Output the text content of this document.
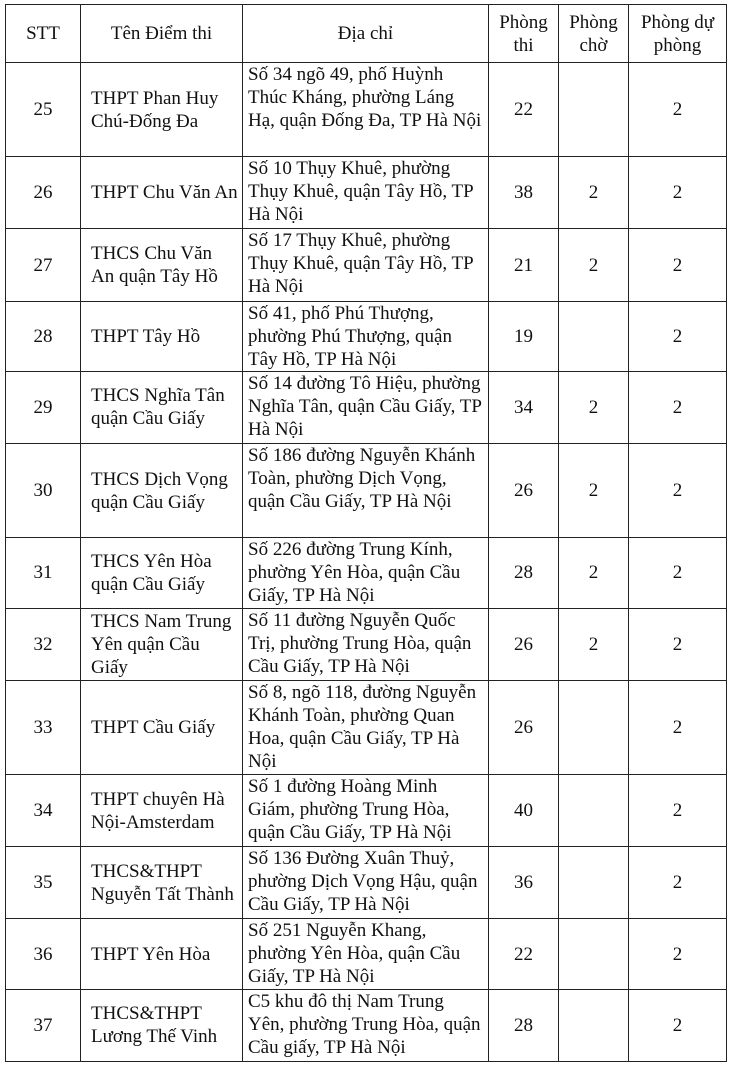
STT	Tên Điểm thi	Địa chỉ	Phòng thi	Phòng chờ	Phòng dự phòng
25	THPT Phan Huy Chú-Đống Đa	Số 34 ngõ 49, phố Huỳnh Thúc Kháng, phường Láng Hạ, quận Đống Đa, TP Hà Nội	22		2
26	THPT Chu Văn An	Số 10 Thụy Khuê, phường Thụy Khuê, quận Tây Hồ, TP Hà Nội	38	2	2
27	THCS Chu Văn An quận Tây Hồ	Số 17 Thụy Khuê, phường Thụy Khuê, quận Tây Hồ, TP Hà Nội	21	2	2
28	THPT Tây Hồ	Số 41, phố Phú Thượng, phường Phú Thượng, quận Tây Hồ, TP Hà Nội	19		2
29	THCS Nghĩa Tân quận Cầu Giấy	Số 14 đường Tô Hiệu, phường Nghĩa Tân, quận Cầu Giấy, TP Hà Nội	34	2	2
30	THCS Dịch Vọng quận Cầu Giấy	Số 186 đường Nguyễn Khánh Toàn, phường Dịch Vọng, quận Cầu Giấy, TP Hà Nội	26	2	2
31	THCS Yên Hòa quận Cầu Giấy	Số 226 đường Trung Kính, phường Yên Hòa, quận Cầu Giấy, TP Hà Nội	28	2	2
32	THCS Nam Trung Yên quận Cầu Giấy	Số 11 đường Nguyễn Quốc Trị, phường Trung Hòa, quận Cầu Giấy, TP Hà Nội	26	2	2
33	THPT Cầu Giấy	Số 8, ngõ 118, đường Nguyễn Khánh Toàn, phường Quan Hoa, quận Cầu Giấy, TP Hà Nội	26		2
34	THPT chuyên Hà Nội-Amsterdam	Số 1 đường Hoàng Minh Giám, phường Trung Hòa, quận Cầu Giấy, TP Hà Nội	40		2
35	THCS&THPT Nguyễn Tất Thành	Số 136 Đường Xuân Thuỷ, phường Dịch Vọng Hậu, quận Cầu Giấy, TP Hà Nội	36		2
36	THPT Yên Hòa	Số 251 Nguyễn Khang, phường Yên Hòa, quận Cầu Giấy, TP Hà Nội	22		2
37	THCS&THPT Lương Thế Vinh	C5 khu đô thị Nam Trung Yên, phường Trung Hòa, quận Cầu giấy, TP Hà Nội	28		2
